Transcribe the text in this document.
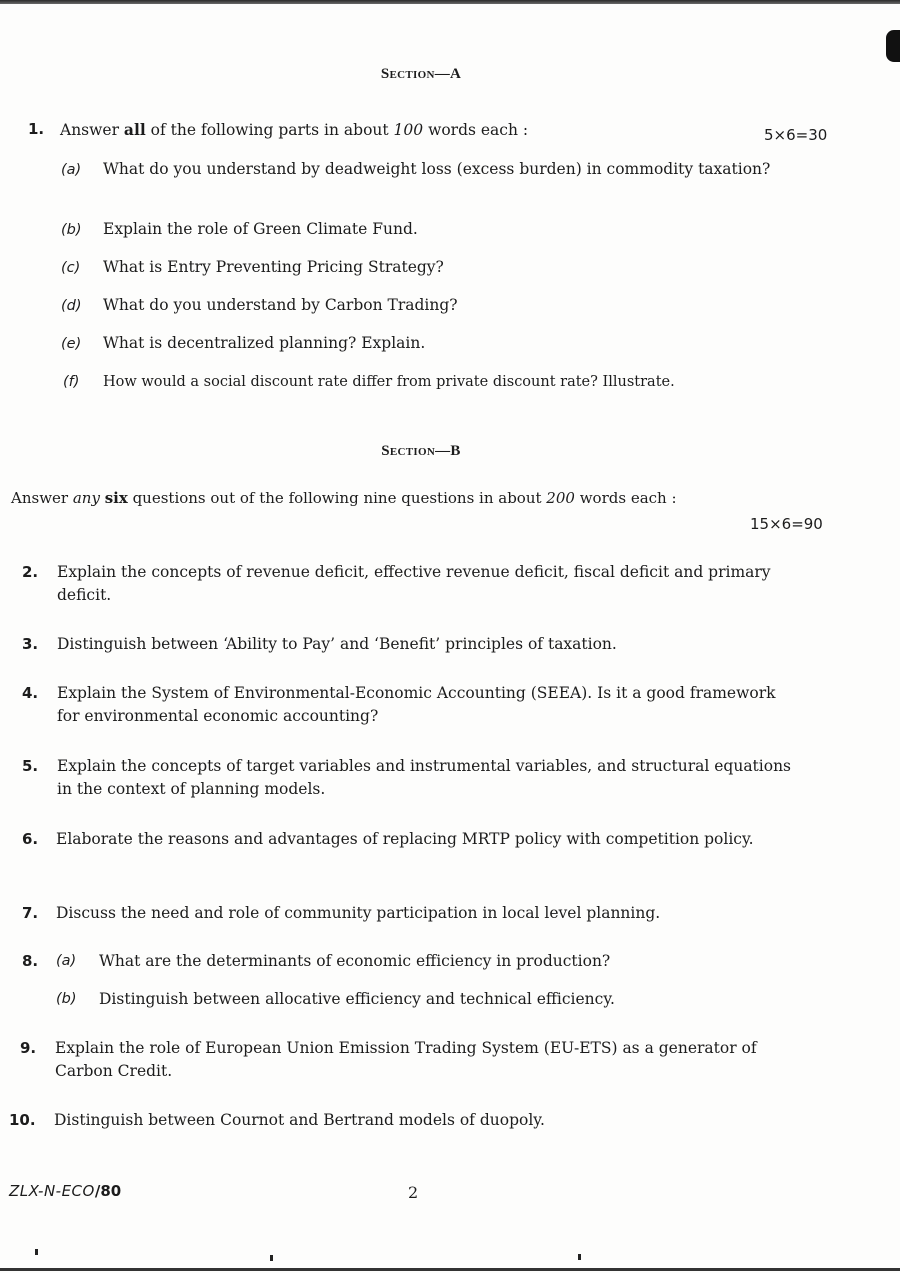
Section—A
1. Answer all of the following parts in about 100 words each :	5×6=30
(a) What do you understand by deadweight loss (excess burden) in commodity taxation?
(b) Explain the role of Green Climate Fund.
(c) What is Entry Preventing Pricing Strategy?
(d) What do you understand by Carbon Trading?
(e) What is decentralized planning? Explain.
(f) How would a social discount rate differ from private discount rate? Illustrate.
Section—B
Answer any six questions out of the following nine questions in about 200 words each :
15×6=90
2. Explain the concepts of revenue deficit, effective revenue deficit, fiscal deficit and primary deficit.
3. Distinguish between ‘Ability to Pay’ and ‘Benefit’ principles of taxation.
4. Explain the System of Environmental-Economic Accounting (SEEA). Is it a good framework for environmental economic accounting?
5. Explain the concepts of target variables and instrumental variables, and structural equations in the context of planning models.
6. Elaborate the reasons and advantages of replacing MRTP policy with competition policy.
7. Discuss the need and role of community participation in local level planning.
8. (a) What are the determinants of economic efficiency in production?
(b) Distinguish between allocative efficiency and technical efficiency.
9. Explain the role of European Union Emission Trading System (EU-ETS) as a generator of Carbon Credit.
10. Distinguish between Cournot and Bertrand models of duopoly.
ZLX-N-ECO/80	2
